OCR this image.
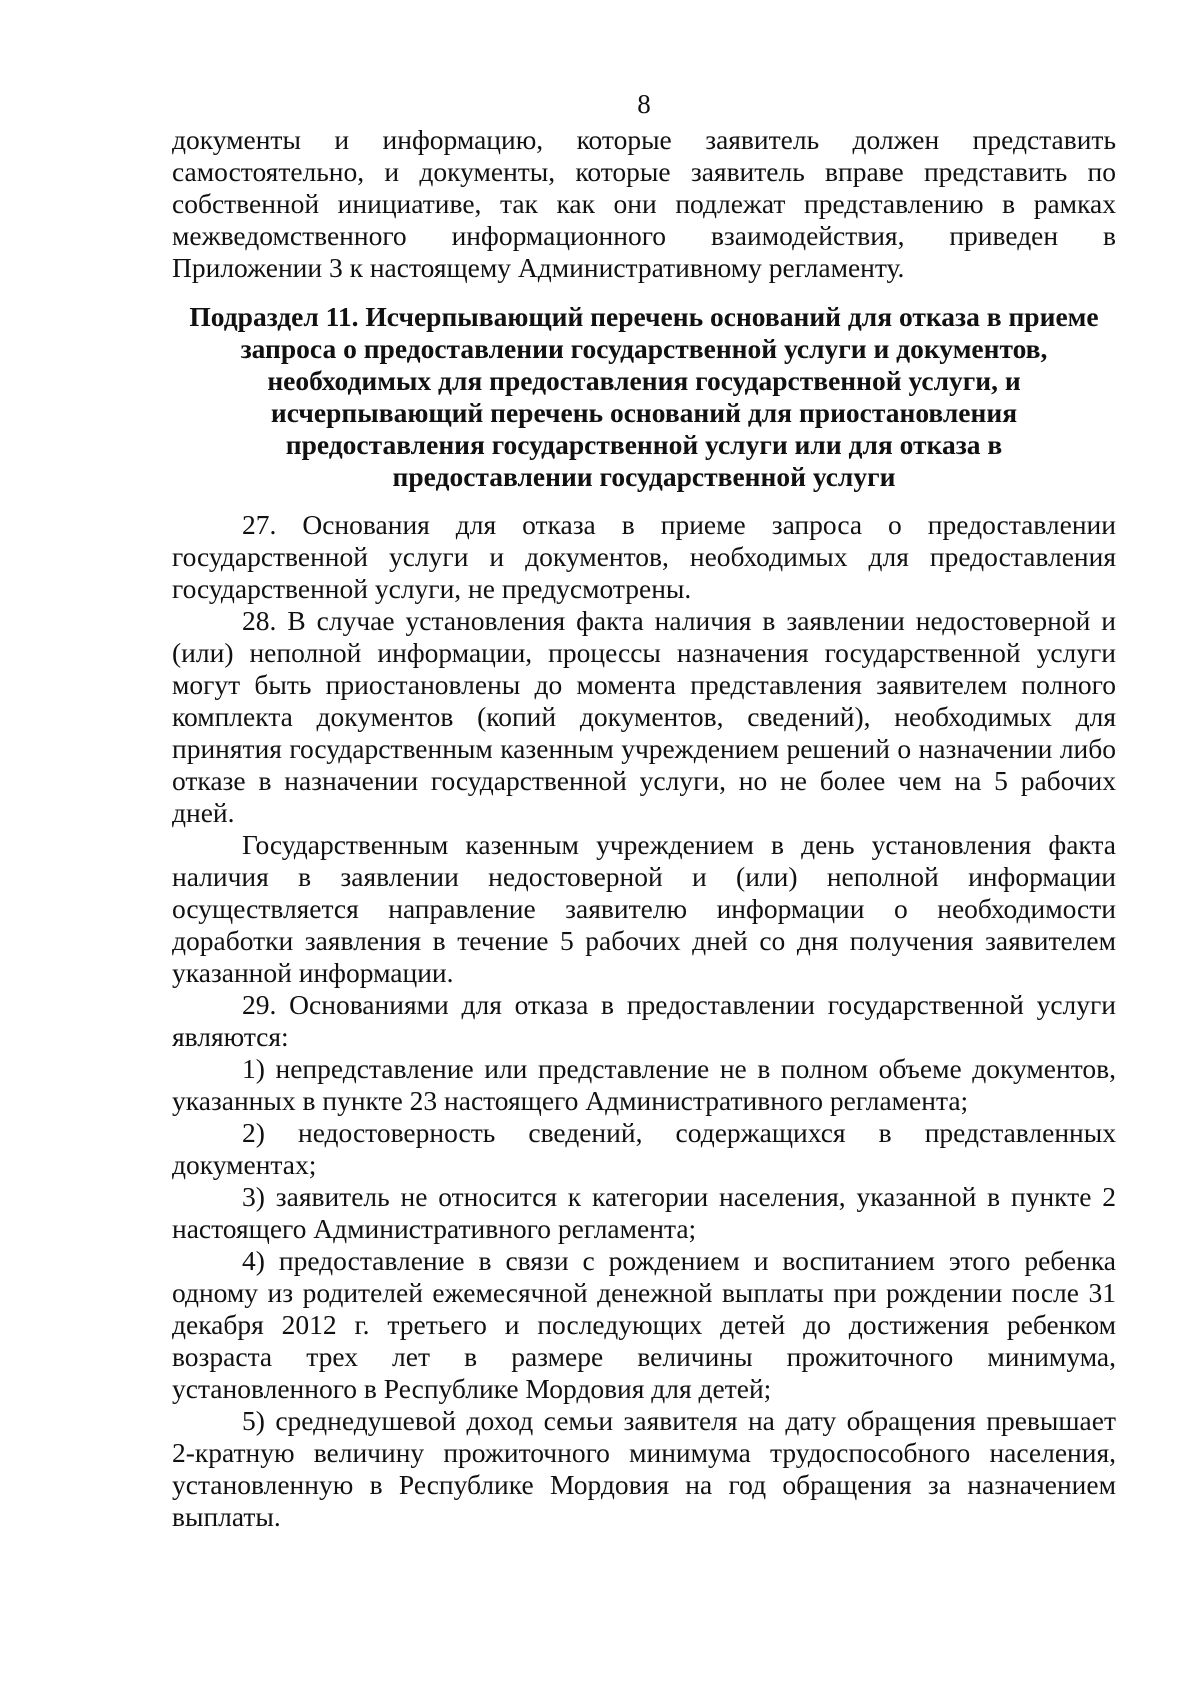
8

документы и информацию, которые заявитель должен представить самостоятельно, и документы, которые заявитель вправе представить по собственной инициативе, так как они подлежат представлению в рамках межведомственного информационного взаимодействия, приведен в Приложении 3 к настоящему Административному регламенту.

Подраздел 11. Исчерпывающий перечень оснований для отказа в приеме
запроса о предоставлении государственной услуги и документов,
необходимых для предоставления государственной услуги, и
исчерпывающий перечень оснований для приостановления
предоставления государственной услуги или для отказа в
предоставлении государственной услуги

27. Основания для отказа в приеме запроса о предоставлении государственной услуги и документов, необходимых для предоставления государственной услуги, не предусмотрены.

28. В случае установления факта наличия в заявлении недостоверной и (или) неполной информации, процессы назначения государственной услуги могут быть приостановлены до момента представления заявителем полного комплекта документов (копий документов, сведений), необходимых для принятия государственным казенным учреждением решений о назначении либо отказе в назначении государственной услуги, но не более чем на 5 рабочих дней.

Государственным казенным учреждением в день установления факта наличия в заявлении недостоверной и (или) неполной информации осуществляется направление заявителю информации о необходимости доработки заявления в течение 5 рабочих дней со дня получения заявителем указанной информации.

29. Основаниями для отказа в предоставлении государственной услуги являются:

1) непредставление или представление не в полном объеме документов, указанных в пункте 23 настоящего Административного регламента;

2) недостоверность сведений, содержащихся в представленных документах;

3) заявитель не относится к категории населения, указанной в пункте 2 настоящего Административного регламента;

4) предоставление в связи с рождением и воспитанием этого ребенка одному из родителей ежемесячной денежной выплаты при рождении после 31 декабря 2012 г. третьего и последующих детей до достижения ребенком возраста трех лет в размере величины прожиточного минимума, установленного в Республике Мордовия для детей;

5) среднедушевой доход семьи заявителя на дату обращения превышает 2-кратную величину прожиточного минимума трудоспособного населения, установленную в Республике Мордовия на год обращения за назначением выплаты.
